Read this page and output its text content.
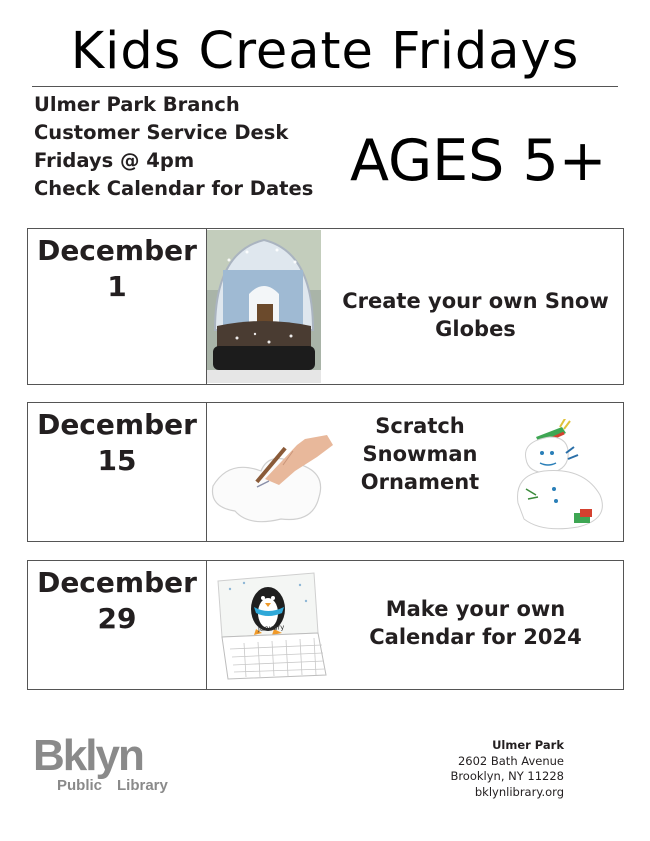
Kids Create Fridays
Ulmer Park Branch
Customer Service Desk
Fridays @ 4pm
Check Calendar for Dates AGES 5+
December
1	Create your own Snow
Globes
December
15
Scratch
Snowman
Ornament
December
29	January
Make your own
Calendar for 2024
Bklyn
Public Library
Ulmer Park
2602 Bath Avenue
Brooklyn, NY 11228
bklynlibrary.org
